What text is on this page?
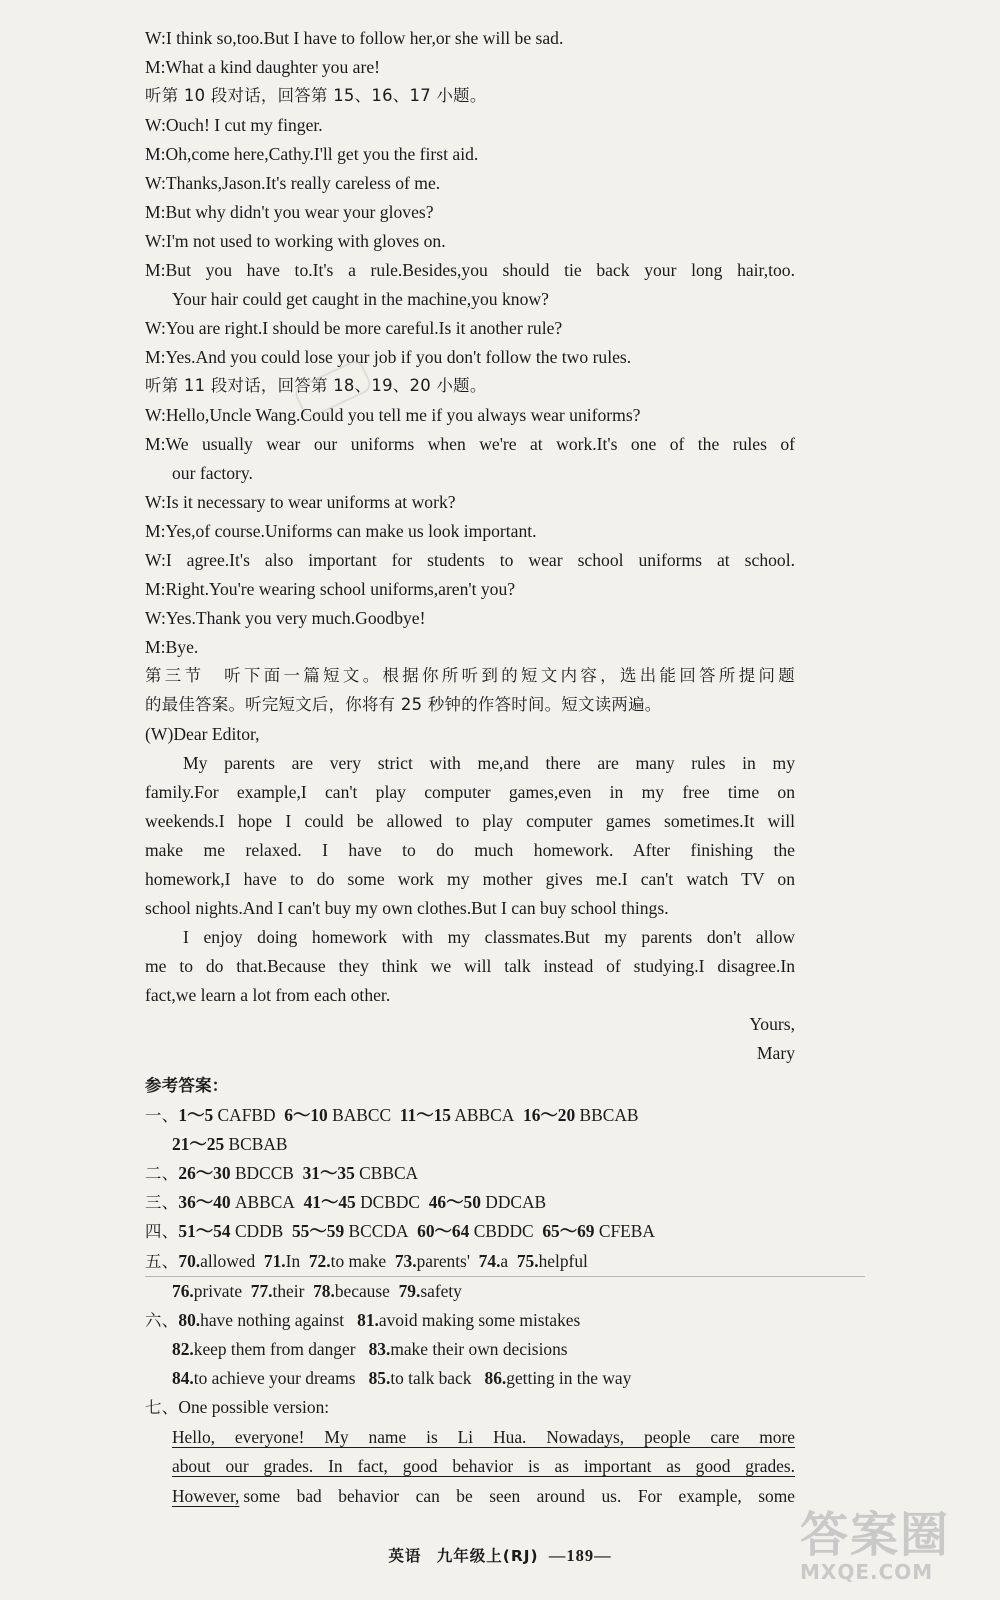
W:I think so,too.But I have to follow her,or she will be sad.
M:What a kind daughter you are!
听第 10 段对话，回答第 15、16、17 小题。
W:Ouch! I cut my finger.
M:Oh,come here,Cathy.I'll get you the first aid.
W:Thanks,Jason.It's really careless of me.
M:But why didn't you wear your gloves?
W:I'm not used to working with gloves on.
M:But you have to.It's a rule.Besides,you should tie back your long hair,too.
Your hair could get caught in the machine,you know?
W:You are right.I should be more careful.Is it another rule?
M:Yes.And you could lose your job if you don't follow the two rules.
听第 11 段对话，回答第 18、19、20 小题。
W:Hello,Uncle Wang.Could you tell me if you always wear uniforms?
M:We usually wear our uniforms when we're at work.It's one of the rules of
our factory.
W:Is it necessary to wear uniforms at work?
M:Yes,of course.Uniforms can make us look important.
W:I agree.It's also important for students to wear school uniforms at school.
M:Right.You're wearing school uniforms,aren't you?
W:Yes.Thank you very much.Goodbye!
M:Bye.
第三节　听下面一篇短文。根据你所听到的短文内容，选出能回答所提问题
的最佳答案。听完短文后，你将有 25 秒钟的作答时间。短文读两遍。
(W)Dear Editor,
My parents are very strict with me,and there are many rules in my
family.For example,I can't play computer games,even in my free time on
weekends.I hope I could be allowed to play computer games sometimes.It will
make me relaxed. I have to do much homework. After finishing the
homework,I have to do some work my mother gives me.I can't watch TV on
school nights.And I can't buy my own clothes.But I can buy school things.
I enjoy doing homework with my classmates.But my parents don't allow
me to do that.Because they think we will talk instead of studying.I disagree.In
fact,we learn a lot from each other.
Yours,
Mary
参考答案：
一、1～5 CAFBD 6～10 BABCC 11～15 ABBCA 16～20 BBCAB
21～25 BCBAB
二、26～30 BDCCB 31～35 CBBCA
三、36～40 ABBCA 41～45 DCBDC 46～50 DDCAB
四、51～54 CDDB 55～59 BCCDA 60～64 CBDDC 65～69 CFEBA
五、70.allowed 71.In 72.to make 73.parents' 74.a 75.helpful
76.private 77.their 78.because 79.safety
六、80.have nothing against 81.avoid making some mistakes
82.keep them from danger 83.make their own decisions
84.to achieve your dreams 85.to talk back 86.getting in the way
七、One possible version:
Hello, everyone! My name is Li Hua. Nowadays, people care more
about our grades. In fact, good behavior is as important as good grades.
However, some bad behavior can be seen around us. For example, some
英语 九年级上(RJ) —189—	答案圈
MXQE.COM
